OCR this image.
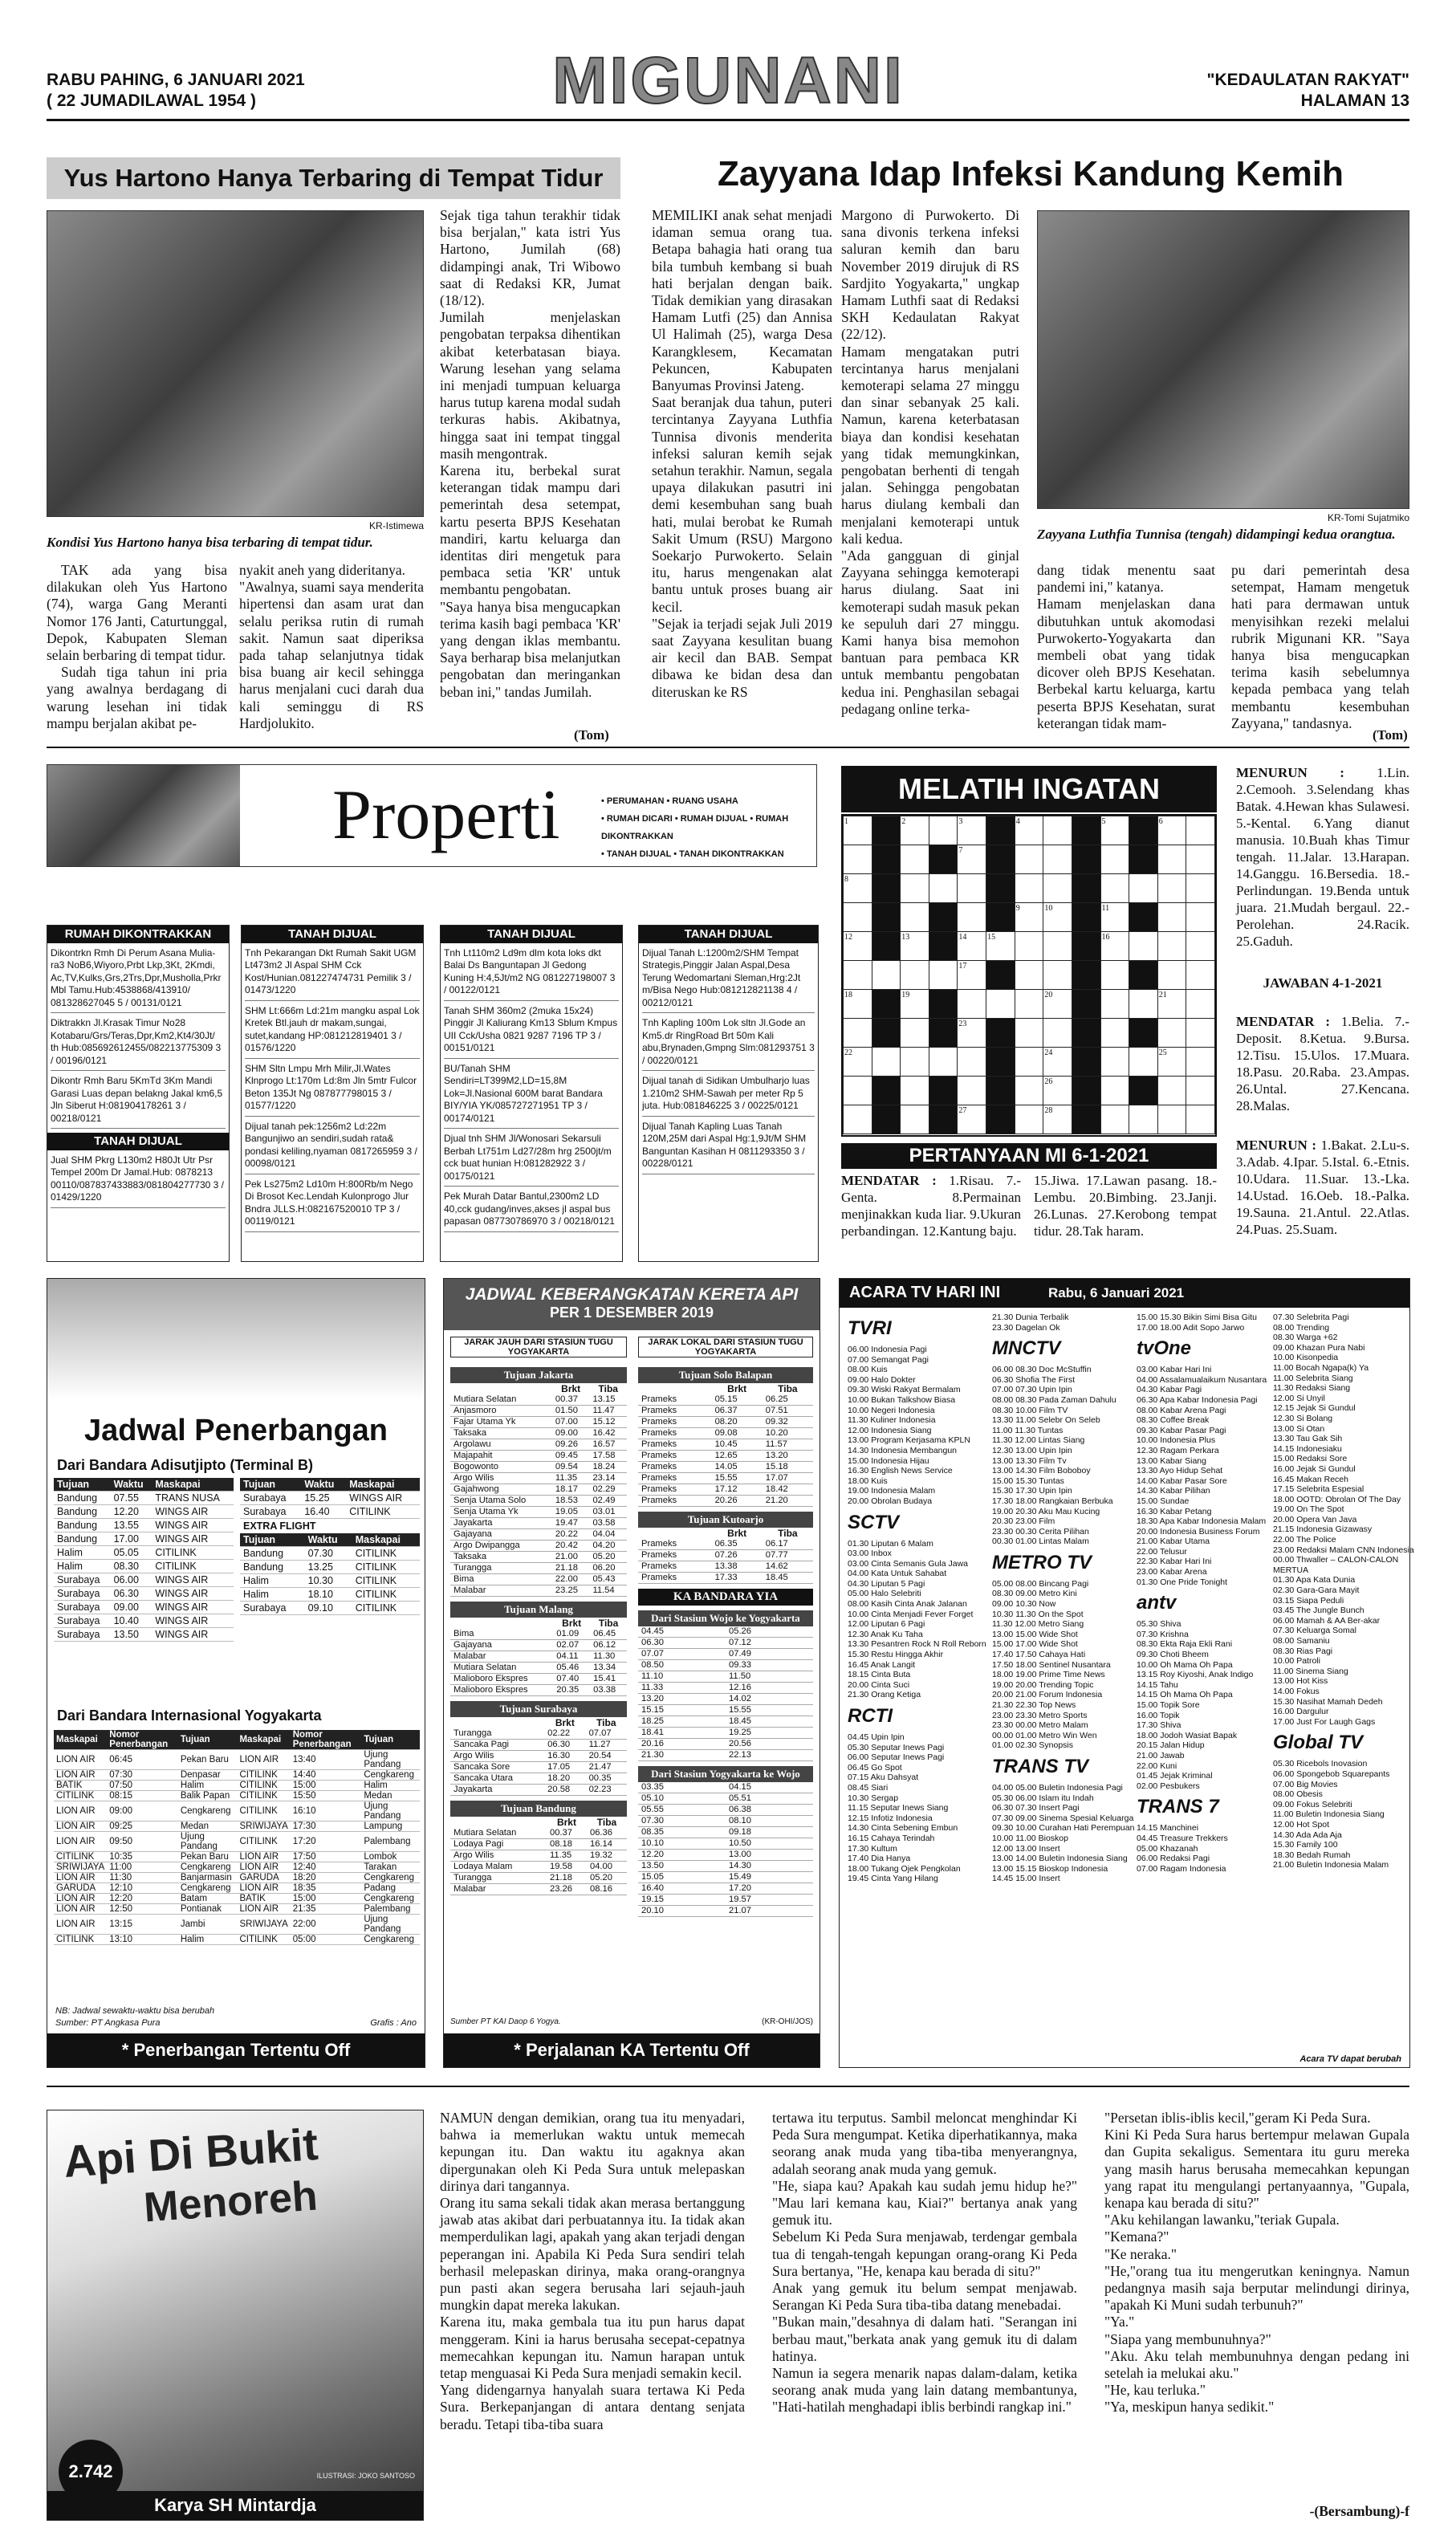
RABU PAHING, 6 JANUARI 2021
( 22 JUMADILAWAL 1954 )	MIGUNANI	"KEDAULATAN RAKYAT"
HALAMAN 13
Yus Hartono Hanya Terbaring di Tempat Tidur
KR-Istimewa
Kondisi Yus Hartono hanya bisa terbaring di tempat tidur.

TAK ada yang bisa dilakukan oleh Yus Hartono (74), warga Gang Meranti Nomor 176 Janti, Caturtunggal, Depok, Kabupaten Sleman selain berbaring di tempat tidur.

Sudah tiga tahun ini pria yang awalnya berdagang di warung lesehan ini tidak mampu berjalan akibat pe-

nyakit aneh yang dideritanya.
"Awalnya, suami saya menderita hipertensi dan asam urat dan selalu periksa rutin di rumah sakit. Namun saat diperiksa pada tahap selanjutnya tidak bisa buang air kecil sehingga harus menjalani cuci darah dua kali seminggu di RS Hardjolukito.
Sejak tiga tahun terakhir tidak bisa berjalan," kata istri Yus Hartono, Jumilah (68) didampingi anak, Tri Wibowo saat di Redaksi KR, Jumat (18/12).
Jumilah menjelaskan pengobatan terpaksa dihentikan akibat keterbatasan biaya. Warung lesehan yang selama ini menjadi tumpuan keluarga harus tutup karena modal sudah terkuras habis. Akibatnya, hingga saat ini tempat tinggal masih mengontrak.
Karena itu, berbekal surat keterangan tidak mampu dari pemerintah desa setempat, kartu peserta BPJS Kesehatan mandiri, kartu keluarga dan identitas diri mengetuk para pembaca setia 'KR' untuk membantu pengobatan.
"Saya hanya bisa mengucapkan terima kasih bagi pembaca 'KR' yang dengan iklas membantu. Saya berharap bisa melanjutkan pengobatan dan meringankan beban ini," tandas Jumilah.
(Tom)
Zayyana Idap Infeksi Kandung Kemih
MEMILIKI anak sehat menjadi idaman semua orang tua. Betapa bahagia hati orang tua bila tumbuh kembang si buah hati berjalan dengan baik. Tidak demikian yang dirasakan Hamam Lutfi (25) dan Annisa Ul Halimah (25), warga Desa Karangklesem, Kecamatan Pekuncen, Kabupaten Banyumas Provinsi Jateng.
Saat beranjak dua tahun, puteri tercintanya Zayyana Luthfia Tunnisa divonis menderita infeksi saluran kemih sejak setahun terakhir. Namun, segala upaya dilakukan pasutri ini demi kesembuhan sang buah hati, mulai berobat ke Rumah Sakit Umum (RSU) Margono Soekarjo Purwokerto. Selain itu, harus mengenakan alat bantu untuk proses buang air kecil.
"Sejak ia terjadi sejak Juli 2019 saat Zayyana kesulitan buang air kecil dan BAB. Sempat dibawa ke bidan desa dan diteruskan ke RS
Margono di Purwokerto. Di sana divonis terkena infeksi saluran kemih dan baru November 2019 dirujuk di RS Sardjito Yogyakarta," ungkap Hamam Luthfi saat di Redaksi SKH Kedaulatan Rakyat (22/12).
Hamam mengatakan putri tercintanya harus menjalani kemoterapi selama 27 minggu dan sinar sebanyak 25 kali. Namun, karena keterbatasan biaya dan kondisi kesehatan yang tidak memungkinkan, pengobatan berhenti di tengah jalan. Sehingga pengobatan harus diulang kembali dan menjalani kemoterapi untuk kali kedua.
"Ada gangguan di ginjal Zayyana sehingga kemoterapi harus diulang. Saat ini kemoterapi sudah masuk pekan ke sepuluh dari 27 minggu. Kami hanya bisa memohon bantuan para pembaca KR untuk membantu pengobatan kedua ini. Penghasilan sebagai pedagang online terka-
KR-Tomi Sujatmiko
Zayyana Luthfia Tunnisa (tengah) didampingi kedua orangtua.
dang tidak menentu saat pandemi ini," katanya.
Hamam menjelaskan dana dibutuhkan untuk akomodasi Purwokerto-Yogyakarta dan membeli obat yang tidak dicover oleh BPJS Kesehatan. Berbekal kartu keluarga, kartu peserta BPJS Kesehatan, surat keterangan tidak mam-
pu dari pemerintah desa setempat, Hamam mengetuk hati para dermawan untuk menyisihkan rezeki melalui rubrik Migunani KR. "Saya hanya bisa mengucapkan terima kasih sebelumnya kepada pembaca yang telah membantu kesembuhan Zayyana," tandasnya.
(Tom)
Properti	• PERUMAHAN • RUANG USAHA
• RUMAH DICARI • RUMAH DIJUAL • RUMAH DIKONTRAKKAN
• TANAH DIJUAL • TANAH DIKONTRAKKAN
RUMAH DIKONTRAKKAN

Dikontrkn Rmh Di Perum Asana Mulia-ra3 NoB6,Wiyoro,Prbt Lkp,3Kt, 2Kmdi, Ac,TV,Kulks,Grs,2Trs,Dpr,Musholla,Prkr Mbl Tamu.Hub:4538868/413910/ 081328627045 5 / 00131/0121

Diktrakkn Jl.Krasak Timur No28 Kotabaru/Grs/Teras,Dpr,Km2,Kt4/30Jt/ th Hub:085692612455/082213775309 3 / 00196/0121

Dikontr Rmh Baru 5KmTd 3Km Mandi Garasi Luas depan belakng Jakal km6,5 Jln Siberut H:081904178261 3 / 00218/0121

TANAH DIJUAL

Jual SHM Pkrg L130m2 H80Jt Utr Psr Tempel 200m Dr Jamal.Hub: 0878213 00110/087837433883/081804277730 3 / 01429/1220

TANAH DIJUAL

Tnh Pekarangan Dkt Rumah Sakit UGM Lt473m2 Jl Aspal SHM Cck Kost/Hunian.081227474731 Pemilik 3 / 01473/1220

SHM Lt:666m Ld:21m mangku aspal Lok Kretek Btl.jauh dr makam,sungai, sutet,kandang HP:081212819401 3 / 01576/1220

SHM Sltn Lmpu Mrh Milir,Jl.Wates Klnprogo Lt:170m Ld:8m Jln 5mtr Fulcor Beton 135Jt Ng 087877798015 3 / 01577/1220

Dijual tanah pek:1256m2 Ld:22m Bangunjiwo an sendiri,sudah rata& pondasi keliling,nyaman 0817265959 3 / 00098/0121

Pek Ls275m2 Ld10m H:800Rb/m Nego Di Brosot Kec.Lendah Kulonprogo Jlur Bndra JLLS.H:082167520010 TP 3 / 00119/0121

TANAH DIJUAL

Tnh Lt110m2 Ld9m dlm kota loks dkt Balai Ds Banguntapan Jl Gedong Kuning H:4,5Jt/m2 NG 081227198007 3 / 00122/0121

Tanah SHM 360m2 (2muka 15x24) Pinggir Jl Kaliurang Km13 Sblum Kmpus UII Cck/Usha 0821 9287 7196 TP 3 / 00151/0121

BU/Tanah SHM Sendiri=LT399M2,LD=15,8M Lok=Jl.Nasional 600M barat Bandara BIY/YIA YK/085727271951 TP 3 / 00174/0121

Djual tnh SHM Jl/Wonosari Sekarsuli Berbah Lt751m Ld27/28m hrg 2500jt/m cck buat hunian H:081282922 3 / 00175/0121

Pek Murah Datar Bantul,2300m2 LD 40,cck gudang/inves,akses jl aspal bus papasan 087730786970 3 / 00218/0121

TANAH DIJUAL

Dijual Tanah L:1200m2/SHM Tempat Strategis,Pinggir Jalan Aspal,Desa Terung Wedomartani Sleman,Hrg:2Jt m/Bisa Nego Hub:081212821138 4 / 00212/0121

Tnh Kapling 100m Lok sltn Jl.Gode an Km5.dr RingRoad Brt 50m Kali abu,Brynaden,Gmpng Slm:081293751 3 / 00220/0121

Dijual tanah di Sidikan Umbulharjo luas 1.210m2 SHM-Sawah per meter Rp 5 juta. Hub:081846225 3 / 00225/0121

Dijual Tanah Kapling Luas Tanah 120M,25M dari Aspal Hg:1,9Jt/M SHM Banguntan Kasihan H 0811293350 3 / 00228/0121

MELATIH INGATAN
1		2		3		4			5		6	
				7								
8												
						9	10		11			
12		13		14	15				16			
				17								
18		19					20				21	
				23								
22							24				25	
							26					
				27			28					
PERTANYAAN MI 6-1-2021
MENDATAR : 1.Risau. 7.-Genta. 8.Permainan menjinakkan kuda liar. 9.Ukuran perbandingan. 12.Kantung baju.
15.Jiwa. 17.Lawan pasang. 18.-Lembu. 20.Bimbing. 23.Janji. 26.Lunas. 27.Kerobong tempat tidur. 28.Tak haram.
MENURUN : 1.Lin. 2.Cemooh. 3.Selendang khas Batak. 4.Hewan khas Sulawesi. 5.-Kental. 6.Yang dianut manusia. 10.Buah khas Timur tengah. 11.Jalar. 13.Harapan. 14.Ganggu. 16.Bersedia. 18.-Perlindungan. 19.Benda untuk juara. 21.Mudah bergaul. 22.-Perolehan. 24.Racik. 25.Gaduh.
JAWABAN 4-1-2021
MENDATAR : 1.Belia. 7.-Deposit. 8.Ketua. 9.Bursa. 12.Tisu. 15.Ulos. 17.Muara. 18.Pasu. 20.Raba. 23.Ampas. 26.Untal. 27.Kencana. 28.Malas.
MENURUN : 1.Bakat. 2.Lu-s. 3.Adab. 4.Ipar. 5.Istal. 6.-Etnis. 10.Udara. 11.Suar. 13.-Lka. 14.Ustad. 16.Oeb. 18.-Palka. 19.Sauna. 21.Antul. 22.Atlas. 24.Puas. 25.Suam.
Jadwal Penerbangan
Dari Bandara Adisutjipto (Terminal B)
Tujuan	Waktu	Maskapai
Bandung	07.55	TRANS NUSA
Bandung	12.20	WINGS AIR
Bandung	13.55	WINGS AIR
Bandung	17.00	WINGS AIR
Halim	05.05	CITILINK
Halim	08.30	CITILINK
Surabaya	06.00	WINGS AIR
Surabaya	06.30	WINGS AIR
Surabaya	09.00	WINGS AIR
Surabaya	10.40	WINGS AIR
Surabaya	13.50	WINGS AIR
Tujuan	Waktu	Maskapai
Surabaya	15.25	WINGS AIR
Surabaya	16.40	CITILINK
EXTRA FLIGHT
Tujuan	Waktu	Maskapai
Bandung	07.30	CITILINK
Bandung	13.25	CITILINK
Halim	10.30	CITILINK
Halim	18.10	CITILINK
Surabaya	09.10	CITILINK
Dari Bandara Internasional Yogyakarta
Maskapai	Nomor Penerbangan	Tujuan	Maskapai	Nomor Penerbangan	Tujuan
LION AIR	06:45	Pekan Baru	LION AIR	13:40	Ujung Pandang
LION AIR	07:30	Denpasar	CITILINK	14:40	Cengkareng
BATIK	07:50	Halim	CITILINK	15:00	Halim
CITILINK	08:15	Balik Papan	CITILINK	15:50	Medan
LION AIR	09:00	Cengkareng	CITILINK	16:10	Ujung Pandang
LION AIR	09:25	Medan	SRIWIJAYA	17:30	Lampung
LION AIR	09:50	Ujung Pandang	CITILINK	17:20	Palembang
CITILINK	10:35	Pekan Baru	LION AIR	17:50	Lombok
SRIWIJAYA	11:00	Cengkareng	LION AIR	12:40	Tarakan
LION AIR	11:30	Banjarmasin	GARUDA	18:20	Cengkareng
GARUDA	12:10	Cengkareng	LION AIR	18:35	Padang
LION AIR	12:20	Batam	BATIK	15:00	Cengkareng
LION AIR	12:50	Pontianak	LION AIR	21:35	Palembang
LION AIR	13:15	Jambi	SRIWIJAYA	22:00	Ujung Pandang
CITILINK	13:10	Halim	CITILINK	05:00	Cengkareng
NB: Jadwal sewaktu-waktu bisa berubah
Sumber: PT Angkasa Pura	Grafis : Ano
* Penerbangan Tertentu Off
JADWAL KEBERANGKATAN KERETA API
PER 1 DESEMBER 2019
JARAK JAUH DARI STASIUN TUGU YOGYAKARTA
JARAK LOKAL DARI STASIUN TUGU YOGYAKARTA
Tujuan Jakarta
	Brkt	Tiba
Mutiara Selatan	00.37	13.15
Anjasmoro	01.50	11.47
Fajar Utama Yk	07.00	15.12
Taksaka	09.00	16.42
Argolawu	09.26	16.57
Majapahit	09.45	17.58
Bogowonto	09.54	18.24
Argo Wilis	11.35	23.14
Gajahwong	18.17	02.29
Senja Utama Solo	18.53	02.49
Senja Utama Yk	19.05	03.01
Jayakarta	19.47	03.58
Gajayana	20.22	04.04
Argo Dwipangga	20.42	04.20
Taksaka	21.00	05.20
Turangga	21.18	06.20
Bima	22.00	05.43
Malabar	23.25	11.54
Tujuan Malang
	Brkt	Tiba
Bima	01.09	06.45
Gajayana	02.07	06.12
Malabar	04.11	11.30
Mutiara Selatan	05.46	13.34
Malioboro Ekspres	07.40	15.41
Malioboro Ekspres	20.35	03.38
Tujuan Surabaya
	Brkt	Tiba
Turangga	02.22	07.07
Sancaka Pagi	06.30	11.27
Argo Wilis	16.30	20.54
Sancaka Sore	17.05	21.47
Sancaka Utara	18.20	00.35
Jayakarta	20.58	02.23
Tujuan Bandung
	Brkt	Tiba
Mutiara Selatan	00.37	06.36
Lodaya Pagi	08.18	16.14
Argo Wilis	11.35	19.32
Lodaya Malam	19.58	04.00
Turangga	21.18	05.20
Malabar	23.26	08.16
Tujuan Solo Balapan
	Brkt	Tiba
Prameks	05.15	06.25
Prameks	06.37	07.51
Prameks	08.20	09.32
Prameks	09.08	10.20
Prameks	10.45	11.57
Prameks	12.65	13.20
Prameks	14.05	15.18
Prameks	15.55	17.07
Prameks	17.12	18.42
Prameks	20.26	21.20
Tujuan Kutoarjo
	Brkt	Tiba
Prameks	06.35	06.17
Prameks	07.26	07.77
Prameks	13.38	14.62
Prameks	17.33	18.45
KA BANDARA YIA
Dari Stasiun Wojo ke Yogyakarta
04.45	05.26
06.30	07.12
07.07	07.49
08.50	09.33
11.10	11.50
11.33	12.16
13.20	14.02
15.15	15.55
18.25	18.45
18.41	19.25
20.16	20.56
21.30	22.13
Dari Stasiun Yogyakarta ke Wojo
03.35	04.15
05.10	05.51
05.55	06.38
07.30	08.10
08.35	09.18
10.10	10.50
12.20	13.00
13.50	14.30
15.05	15.49
16.40	17.20
19.15	19.57
20.10	21.07
Sumber PT KAI Daop 6 Yogya.	(KR-OHI/JOS)
* Perjalanan KA Tertentu Off
ACARA TV HARI INI	Rabu, 6 Januari 2021
TVRI
06.00 Indonesia Pagi
07.00 Semangat Pagi
08.00 Kuis
09.00 Halo Dokter
09.30 Wiski Rakyat Bermalam
10.00 Bukan Talkshow Biasa
10.00 Negeri Indonesia
11.30 Kuliner Indonesia
12.00 Indonesia Siang
13.00 Program Kerjasama KPLN
14.30 Indonesia Membangun
15.00 Indonesia Hijau
16.30 English News Service
18.00 Kuis
19.00 Indonesia Malam
20.00 Obrolan Budaya
SCTV
01.30 Liputan 6 Malam
03.00 Inbox
03.00 Cinta Semanis Gula Jawa
04.00 Kata Untuk Sahabat
04.30 Liputan 5 Pagi
05.00 Halo Selebriti
08.00 Kasih Cinta Anak Jalanan
10.00 Cinta Menjadi Fever Forget
12.00 Liputan 6 Pagi
12.30 Anak Ku Taha
13.30 Pesantren Rock N Roll Reborn
15.30 Restu Hingga Akhir
16.45 Anak Langit
18.15 Cinta Buta
20.00 Cinta Suci
21.30 Orang Ketiga
RCTI
04.45 Upin Ipin
05.30 Seputar Inews Pagi
06.00 Seputar Inews Pagi
06.45 Go Spot
07.15 Aku Dahsyat
08.45 Siari
10.30 Sergap
11.15 Seputar Inews Siang
12.15 Infotiz Indonesia
14.30 Cinta Sebening Embun
16.15 Cahaya Terindah
17.30 Kultum
17.40 Dia Hanya
18.00 Tukang Ojek Pengkolan
19.45 Cinta Yang Hilang
21.30 Dunia Terbalik
23.30 Dagelan Ok
MNCTV
06.00 08.30 Doc McStuffin
06.30 Shofia The First
07.00 07.30 Upin Ipin
08.00 08.30 Pada Zaman Dahulu
08.30 10.00 Film TV
13.30 11.00 Selebr On Seleb
11.00 11.30 Tuntas
11.30 12.00 Lintas Siang
12.30 13.00 Upin Ipin
13.00 13.30 Film Tv
13.00 14.30 Film Boboboy
15.00 15.30 Tuntas
15.30 17.30 Upin Ipin
17.30 18.00 Rangkaian Berbuka
19.00 20.30 Aku Mau Kucing
20.30 23.00 Film
23.30 00.30 Cerita Pilihan
00.30 01.00 Lintas Malam
METRO TV
05.00 08.00 Bincang Pagi
08.30 09.00 Metro Kini
09.00 10.30 Now
10.30 11.30 On the Spot
11.30 12.00 Metro Siang
13.00 15.00 Wide Shot
15.00 17.00 Wide Shot
17.40 17.50 Cahaya Hati
17.50 18.00 Sentinel Nusantara
18.00 19.00 Prime Time News
19.00 20.00 Trending Topic
20.00 21.00 Forum Indonesia
21.30 22.30 Top News
23.00 23.30 Metro Sports
23.30 00.00 Metro Malam
00.00 01.00 Metro Win Wen
01.00 02.30 Synopsis
TRANS TV
04.00 05.00 Buletin Indonesia Pagi
05.30 06.00 Islam itu Indah
06.30 07.30 Insert Pagi
07.30 09.00 Sinema Spesial Keluarga
09.30 10.00 Curahan Hati Perempuan
10.00 11.00 Bioskop
12.00 13.00 Insert
13.00 14.00 Buletin Indonesia Siang
13.00 15.15 Bioskop Indonesia
14.45 15.00 Insert
15.00 15.30 Bikin Simi Bisa Gitu
17.00 18.00 Adit Sopo Jarwo
tvOne
03.00 Kabar Hari Ini
04.00 Assalamualaikum Nusantara
04.30 Kabar Pagi
06.30 Apa Kabar Indonesia Pagi
08.00 Kabar Arena Pagi
08.30 Coffee Break
09.30 Kabar Pasar Pagi
10.00 Indonesia Plus
12.30 Ragam Perkara
13.00 Kabar Siang
13.30 Ayo Hidup Sehat
14.00 Kabar Pasar Sore
14.30 Kabar Pilihan
15.00 Sundae
16.30 Kabar Petang
18.30 Apa Kabar Indonesia Malam
20.00 Indonesia Business Forum
21.00 Kabar Utama
22.00 Telusur
22.30 Kabar Hari Ini
23.00 Kabar Arena
01.30 One Pride Tonight
antv
05.30 Shiva
07.30 Krishna
08.30 Ekta Raja Ekli Rani
09.30 Choti Bheem
10.00 Oh Mama Oh Papa
13.15 Roy Kiyoshi, Anak Indigo
14.15 Tahu
14.15 Oh Mama Oh Papa
15.00 Topik Sore
16.00 Topik
17.30 Shiva
18.00 Jodoh Wasiat Bapak
20.15 Jalan Hidup
21.00 Jawab
22.00 Kuni
01.45 Jejak Kriminal
02.00 Pesbukers
TRANS 7
14.15 Manchinei
04.45 Treasure Trekkers
05.00 Khazanah
06.00 Redaksi Pagi
07.00 Ragam Indonesia
07.30 Selebrita Pagi
08.00 Trending
08.30 Warga +62
09.00 Khazan Pura Nabi
10.00 Kisonpedia
11.00 Bocah Ngapa(k) Ya
11.00 Selebrita Siang
11.30 Redaksi Siang
12.00 Si Unyil
12.15 Jejak Si Gundul
12.30 Si Bolang
13.00 Si Otan
13.30 Tau Gak Sih
14.15 Indonesiaku
15.00 Redaksi Sore
16.00 Jejak Si Gundul
16.45 Makan Receh
17.15 Selebrita Espesial
18.00 OOTD: Obrolan Of The Day
19.00 On The Spot
20.00 Opera Van Java
21.15 Indonesia Gizawasy
22.00 The Police
23.00 Redaksi Malam CNN Indonesia
00.00 Thwaller – CALON-CALON
MERTUA
01.30 Apa Kata Dunia
02.30 Gara-Gara Mayit
03.15 Siapa Peduli
03.45 The Jungle Bunch
06.00 Mamah & AA Ber-akar
07.30 Keluarga Somal
08.00 Samaniu
08.30 Rias Pagi
10.00 Patroli
11.00 Sinema Siang
13.00 Hot Kiss
14.00 Fokus
15.30 Nasihat Mamah Dedeh
16.00 Dargulur
17.00 Just For Laugh Gags
Global TV
05.30 Ricebols Inovasion
06.00 Spongebob Squarepants
07.00 Big Movies
08.00 Obesis
09.00 Fokus Selebriti
11.00 Buletin Indonesia Siang
12.00 Hot Spot
14.30 Ada Ada Aja
15.30 Family 100
18.30 Bedah Rumah
21.00 Buletin Indonesia Malam
Acara TV dapat berubah
Api Di Bukit
Menoreh
2.742	ILUSTRASI: JOKO SANTOSO
Karya SH Mintardja
NAMUN dengan demikian, orang tua itu menyadari, bahwa ia memerlukan waktu untuk memecah kepungan itu. Dan waktu itu agaknya akan dipergunakan oleh Ki Peda Sura untuk melepaskan dirinya dari tangannya.
Orang itu sama sekali tidak akan merasa bertanggung jawab atas akibat dari perbuatannya itu. Ia tidak akan memperdulikan lagi, apakah yang akan terjadi dengan peperangan ini. Apabila Ki Peda Sura sendiri telah berhasil melepaskan dirinya, maka orang-orangnya pun pasti akan segera berusaha lari sejauh-jauh mungkin dapat mereka lakukan.
Karena itu, maka gembala tua itu pun harus dapat menggeram. Kini ia harus berusaha secepat-cepatnya memecahkan kepungan itu. Namun harapan untuk tetap menguasai Ki Peda Sura menjadi semakin kecil.
Yang didengarnya hanyalah suara tertawa Ki Peda Sura. Berkepanjangan di antara dentang senjata beradu. Tetapi tiba-tiba suara
tertawa itu terputus. Sambil meloncat menghindar Ki Peda Sura mengumpat. Ketika diperhatikannya, maka seorang anak muda yang tiba-tiba menyerangnya, adalah seorang anak muda yang gemuk.
"He, siapa kau? Apakah kau sudah jemu hidup he?" "Mau lari kemana kau, Kiai?" bertanya anak yang gemuk itu.
Sebelum Ki Peda Sura menjawab, terdengar gembala tua di tengah-tengah kepungan orang-orang Ki Peda Sura bertanya, "He, kenapa kau berada di situ?"
Anak yang gemuk itu belum sempat menjawab. Serangan Ki Peda Sura tiba-tiba datang menebadai.
"Bukan main,"desahnya di dalam hati. "Serangan ini berbau maut,"berkata anak yang gemuk itu di dalam hatinya.
Namun ia segera menarik napas dalam-dalam, ketika seorang anak muda yang lain datang membantunya, "Hati-hatilah menghadapi iblis berbindi rangkap ini."
"Persetan iblis-iblis kecil,"geram Ki Peda Sura.
Kini Ki Peda Sura harus bertempur melawan Gupala dan Gupita sekaligus. Sementara itu guru mereka yang masih harus berusaha memecahkan kepungan yang rapat itu mengulangi pertanyaannya, "Gupala, kenapa kau berada di situ?"
"Aku kehilangan lawanku,"teriak Gupala.
"Kemana?"
"Ke neraka."
"He,"orang tua itu mengerutkan keningnya. Namun pedangnya masih saja berputar melindungi dirinya, "apakah Ki Muni sudah terbunuh?"
"Ya."
"Siapa yang membunuhnya?"
"Aku. Aku telah membunuhnya dengan pedang ini setelah ia melukai aku."
"He, kau terluka."
"Ya, meskipun hanya sedikit."
-(Bersambung)-f
